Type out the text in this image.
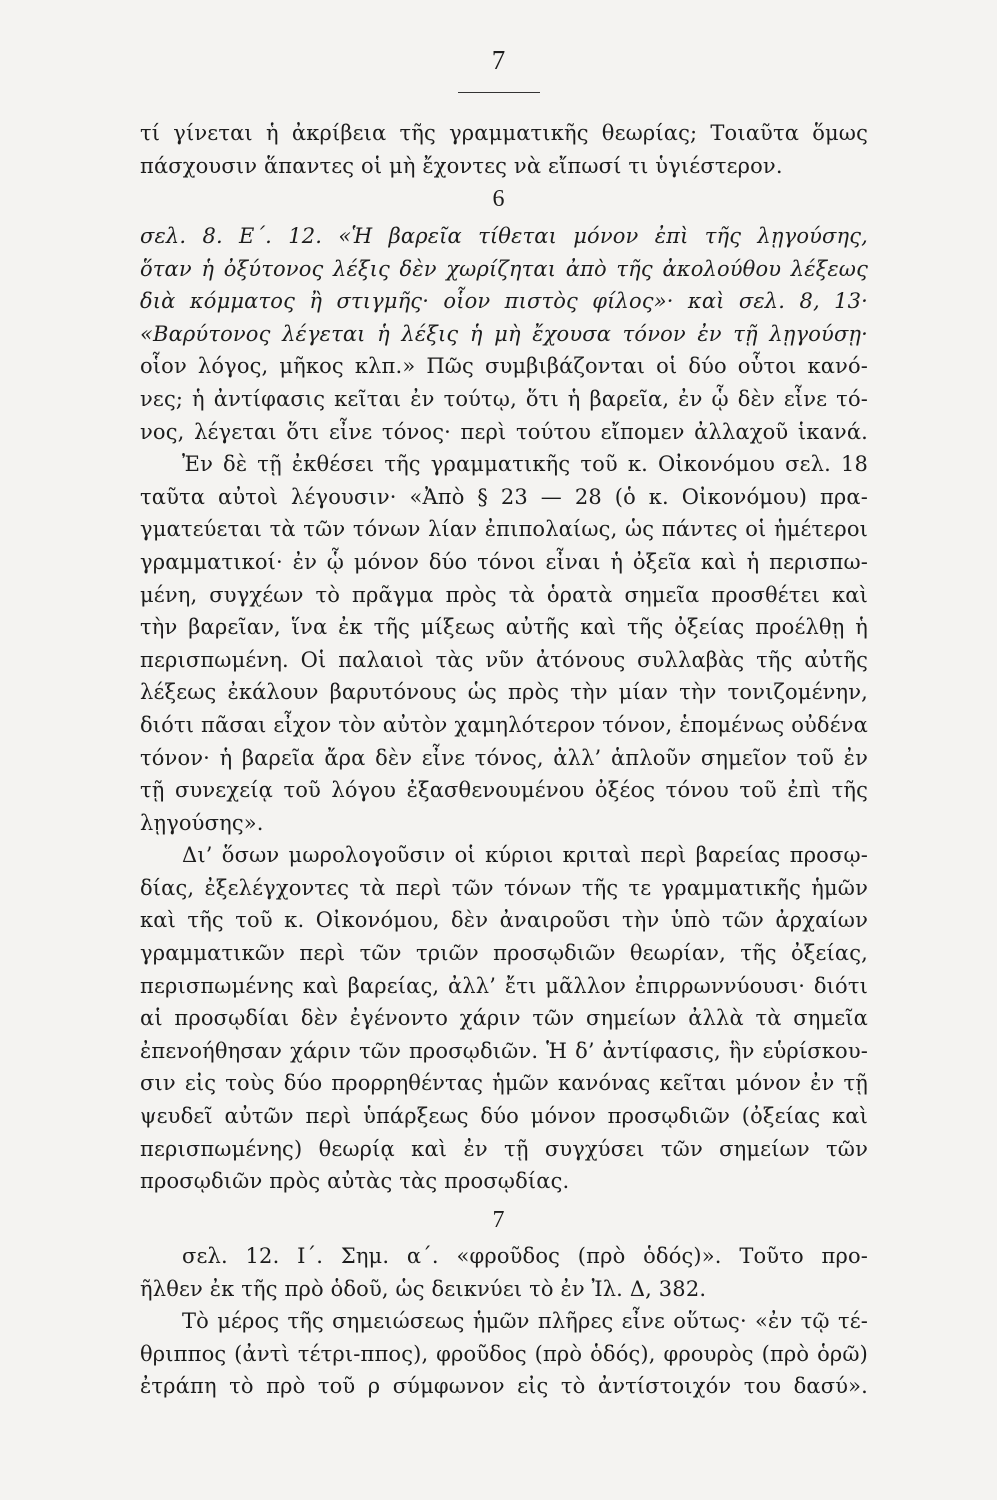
7
τί γίνεται ἡ ἀκρίβεια τῆς γραμματικῆς θεωρίας; Τοιαῦτα ὅμως
πάσχουσιν ἅπαντες οἱ μὴ ἔχοντες νὰ εἴπωσί τι ὑγιέστερον.
6
σελ. 8. Ε΄. 12. «Ἡ βαρεῖα τίθεται μόνον ἐπὶ τῆς λῃγούσης,
ὅταν ἡ ὀξύτονος λέξις δὲν χωρίζηται ἀπὸ τῆς ἀκολούθου λέξεως
διὰ κόμματος ἢ στιγμῆς· οἷον πιστὸς φίλος»· καὶ σελ. 8, 13·
«Βαρύτονος λέγεται ἡ λέξις ἡ μὴ ἔχουσα τόνον ἐν τῇ λῃγούσῃ·
οἷον λόγος, μῆκος κλπ.» Πῶς συμβιβάζονται οἱ δύο οὗτοι κανό-
νες; ἡ ἀντίφασις κεῖται ἐν τούτῳ, ὅτι ἡ βαρεῖα, ἐν ᾧ δὲν εἶνε τό-
νος, λέγεται ὅτι εἶνε τόνος· περὶ τούτου εἴπομεν ἀλλαχοῦ ἱκανά.
Ἐν δὲ τῇ ἐκθέσει τῆς γραμματικῆς τοῦ κ. Οἰκονόμου σελ. 18
ταῦτα αὐτοὶ λέγουσιν· «Ἀπὸ § 23 — 28 (ὁ κ. Οἰκονόμου) πρα-
γματεύεται τὰ τῶν τόνων λίαν ἐπιπολαίως, ὡς πάντες οἱ ἡμέτεροι
γραμματικοί· ἐν ᾧ μόνον δύο τόνοι εἶναι ἡ ὀξεῖα καὶ ἡ περισπω-
μένη, συγχέων τὸ πρᾶγμα πρὸς τὰ ὁρατὰ σημεῖα προσθέτει καὶ
τὴν βαρεῖαν, ἵνα ἐκ τῆς μίξεως αὐτῆς καὶ τῆς ὀξείας προέλθῃ ἡ
περισπωμένη. Οἱ παλαιοὶ τὰς νῦν ἀτόνους συλλαβὰς τῆς αὐτῆς
λέξεως ἐκάλουν βαρυτόνους ὡς πρὸς τὴν μίαν τὴν τονιζομένην,
διότι πᾶσαι εἶχον τὸν αὐτὸν χαμηλότερον τόνον, ἑπομένως οὐδένα
τόνον· ἡ βαρεῖα ἄρα δὲν εἶνε τόνος, ἀλλ’ ἁπλοῦν σημεῖον τοῦ ἐν
τῇ συνεχείᾳ τοῦ λόγου ἐξασθενουμένου ὀξέος τόνου τοῦ ἐπὶ τῆς
λῃγούσης».
Δι’ ὅσων μωρολογοῦσιν οἱ κύριοι κριταὶ περὶ βαρείας προσῳ-
δίας, ἐξελέγχοντες τὰ περὶ τῶν τόνων τῆς τε γραμματικῆς ἡμῶν
καὶ τῆς τοῦ κ. Οἰκονόμου, δὲν ἀναιροῦσι τὴν ὑπὸ τῶν ἀρχαίων
γραμματικῶν περὶ τῶν τριῶν προσῳδιῶν θεωρίαν, τῆς ὀξείας,
περισπωμένης καὶ βαρείας, ἀλλ’ ἔτι μᾶλλον ἐπιρρωννύουσι· διότι
αἱ προσῳδίαι δὲν ἐγένοντο χάριν τῶν σημείων ἀλλὰ τὰ σημεῖα
ἐπενοήθησαν χάριν τῶν προσῳδιῶν. Ἡ δ’ ἀντίφασις, ἣν εὑρίσκου-
σιν εἰς τοὺς δύο προρρηθέντας ἡμῶν κανόνας κεῖται μόνον ἐν τῇ
ψευδεῖ αὐτῶν περὶ ὑπάρξεως δύο μόνον προσῳδιῶν (ὀξείας καὶ
περισπωμένης) θεωρίᾳ καὶ ἐν τῇ συγχύσει τῶν σημείων τῶν
προσῳδιῶν πρὸς αὐτὰς τὰς προσῳδίας.
7
σελ. 12. Ι΄. Σημ. α΄. «φροῦδος (πρὸ ὁδός)». Τοῦτο προ-
ῆλθεν ἐκ τῆς πρὸ ὁδοῦ, ὡς δεικνύει τὸ ἐν Ἰλ. Δ, 382.
Τὸ μέρος τῆς σημειώσεως ἡμῶν πλῆρες εἶνε οὕτως· «ἐν τῷ τέ-
θριππος (ἀντὶ τέτρι-ππος), φροῦδος (πρὸ ὁδός), φρουρὸς (πρὸ ὁρῶ)
ἐτράπη τὸ πρὸ τοῦ ρ σύμφωνον εἰς τὸ ἀντίστοιχόν του δασύ».
